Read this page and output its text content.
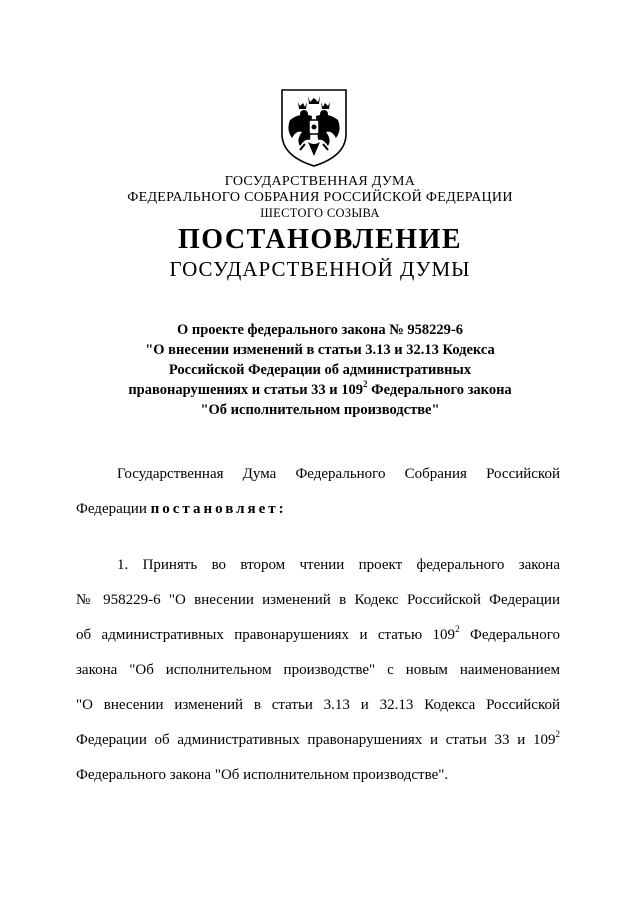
ГОСУДАРСТВЕННАЯ ДУМА
ФЕДЕРАЛЬНОГО СОБРАНИЯ РОССИЙСКОЙ ФЕДЕРАЦИИ
ШЕСТОГО СОЗЫВА
ПОСТАНОВЛЕНИЕ
ГОСУДАРСТВЕННОЙ ДУМЫ
О проекте федерального закона № 958229-6
"О внесении изменений в статьи 3.13 и 32.13 Кодекса
Российской Федерации об административных
правонарушениях и статьи 33 и $109^2$ Федерального закона
"Об исполнительном производстве"
Государственная Дума Федерального Собрания Российской
Федерации постановляет:
1. Принять во втором чтении проект федерального закона
№ 958229-6 "О внесении изменений в Кодекс Российской Федерации
об административных правонарушениях и статью $109^2$ Федерального
закона "Об исполнительном производстве" с новым наименованием
"О внесении изменений в статьи 3.13 и 32.13 Кодекса Российской
Федерации об административных правонарушениях и статьи 33 и $109^2$
Федерального закона "Об исполнительном производстве".
